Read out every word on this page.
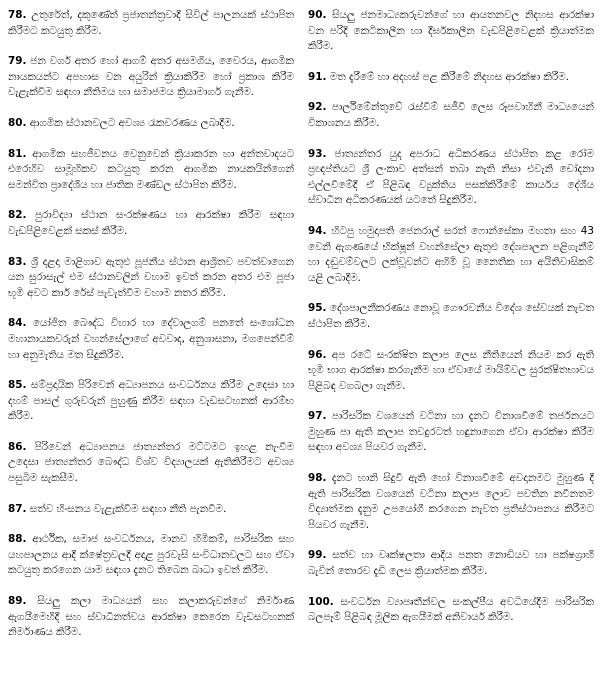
78. උතුරේත්, දකුණේත් ප්‍රජාතන්ත්‍රවාදී සිවිල් පාලනයක් ස්ථාපිත කිරීමට කටයුතු කිරීම.

79. ජන වර්ග අතර හෝ ආගම් අතර අසමගිය, වෛරය, ආගමික නායකයන්ට අපහාස වන අයුරින් ක්‍රියාකිරීම හෝ ප්‍රකාශ කිරීම වැළැක්වීම සඳහා නීතිමය හා සමාජමය ක්‍රියාමාර්ග ගැනීම.

80. ආගමික ස්ථානවලට අවශ්‍ය රැකවරණය ලබාදීම.

81. ආගමික සහජීවනය වෙනුවෙන් ක්‍රියාකරන හා අන්තවාදයට එරෙහිව සාමූහිකව කටයුතු කරන ආගමික නායකයින්ගෙන් සමන්විත ප්‍රාදේශීය හා ජාතික මණ්ඩල ස්ථාපිත කිරීම.

82. පුරාවිද්‍යා ස්ථාන සංරක්ෂණය හා ආරක්ෂා කිරීම සඳහා වැඩපිළිවෙළක් සකස් කිරීම.

83. ශ්‍රී දළදා මාළිගාව ඇතුළු පූජනීය ස්ථාන ආශ්‍රිතව පවත්වාගෙන යන සුරාසැල් එම ස්ථානවලින් වහාම ඉවත් කරන අතර එම පූජා භූමි අවට කාර් රේස් පැවැත්වීම වහාම නතර කිරීම.

84. යෝජිත බෞද්ධ විහාර හා දේවාලගම් පනතේ සංශෝධන මහානායකවරුන් වහන්සේලාගේ අවවාද, අනුශාසනා, මගපෙන්වීම් හා අනුමැතිය මත සිදුකිරීම.

85. සම්ප්‍රදායික පිරිවෙන් අධ්‍යාපනය සංවර්ධනය කිරීම උදෙසා හා දහම් පාසල් ගුරුවරුන් පුහුණු කිරීම සඳහා වැඩසටහනක් ආරම්භ කිරීම.

86. පිරිවෙන් අධ්‍යාපනය ජාත්‍යන්තර මට්ටමට ඉහළ නැංවීම උදෙසා ජාත්‍යන්තර බෞද්ධ විශ්ව විද්‍යාලයක් ඇතිකිරීමට අවශ්‍ය පසුබිම සැකසීම.

87. සත්ව හිංසනය වැළැක්වීම සඳහා නීති පැනවීම.

88. ආර්ථික, සමාජ සංවර්ධනය, මානව හිමිකම්, පාරිසරික සහ යහපාලනය ආදී ක්ෂේත්‍රවලදී අදාළ පුරවැසි සංවිධානවලට සහ ඒවා කටයුතු කරගෙන යාම සඳහා දැනට තිබෙන බාධා ඉවත් කිරීම.

89. සියලු කලා මාධ්‍යයන් සහ කලාකරුවන්ගේ නිර්මාණ ඇගයීමෙහිදී සහ ස්වාධීනත්වය ආරක්ෂා කෙරෙන වැඩසටහනක් නිර්මාණය කිරීම.

90. සියලු ජනමාධ්‍යකරුවන්ගේ හා ආයතනවල නිදහස ආරක්ෂා වන පරිදි කෙටිකාලීන හා දීර්ඝකාලීන වැඩපිළිවෙළක් ක්‍රියාත්මක කිරීම.

91. මත දැරීමේ හා අදහස් පළ කිරීමේ නිදහස ආරක්ෂා කිරීම.

92. පාර්ලිමේන්තුවේ රැස්වීම් සජීවී ලෙස රූපවාහිනී මාධ්‍යයෙන් විකාශනය කිරීම.

93. ජාත්‍යන්තර යුද අපරාධ අධිකරණය ස්ථාපිත කළ රෝම ප්‍රඥප්තියට ශ්‍රී ලංකාව අත්සන් තබා නැති නිසා එවැනි චෝදනා එල්ලවීමේදී ඒ පිළිබඳ ව්‍යුක්තිය පසක්කිරීමේ කාර්යය දේශීය ස්වාධීන අධිකරණයක් යටතේ සිදුකිරීම.

94. හිටපු හමුදාපති ජෙනරාල් සරත් ෆොන්සේකා මහතා සහ 43 වෙනි ඇගණයේ භික්ෂූන් වහන්සේලා ඇතුළු දේශපාලන පළිගැනීම් හා දඬුවම්වලට ලක්වූවන්ට අහිමි වූ නෛතික හා අයිතිවාසිකම් යළි ලබාදීම.

95. දේශපාලනීකරණය නොවූ ගෞරවනීය විදේශ සේවයක් නැවත ස්ථාපිත කිරීම.

96. අප රටේ සංරක්ෂිත කලාප ලෙස නීතියෙන් නියම කර ඇති භූමි භාග ආරක්ෂා කරගැනීම හා ඒවායේ මායිම්වල සුරක්ෂිතභාවය පිළිබඳ වගබලා ගැනීම.

97. පාරිසරික වශයෙන් වටිනා හා දැනට විනාශවීමේ තර්ජනයට මුහුණ පා ඇති කලාප තවදුරටත් හඳුනාගෙන ඒවා ආරක්ෂා කිරීම සඳහා අවශ්‍ය පියවර ගැනීම.

98. දැනට හානි සිදුවී ඇති හෝ විනාශවීමේ අවදානමට මුහුණ දී ඇති පාරිසරික වශයෙන් වටිනා කලාප ලොව පවතින නවීනතම විද්‍යාත්මක දැනුම උපයෝගී කරගෙන නැවත ප්‍රතිස්ථාපනය කිරීමට පියවර ගැනීම.

99. සත්ව හා වෘක්ෂලතා ආදිය පනත නොඩියව හා පක්ෂග්‍රාහී බැවින් තොරව දැඩි ලෙස ක්‍රියාත්මක කිරීම.

100. සංවර්ධන ව්‍යාපෘතීන්වල සංකල්පීය අවධියේදීම පාරිසරික බලපෑම් පිළිබඳ මූලික ඇගයීමක් අනිවාර්ය කිරීම.
